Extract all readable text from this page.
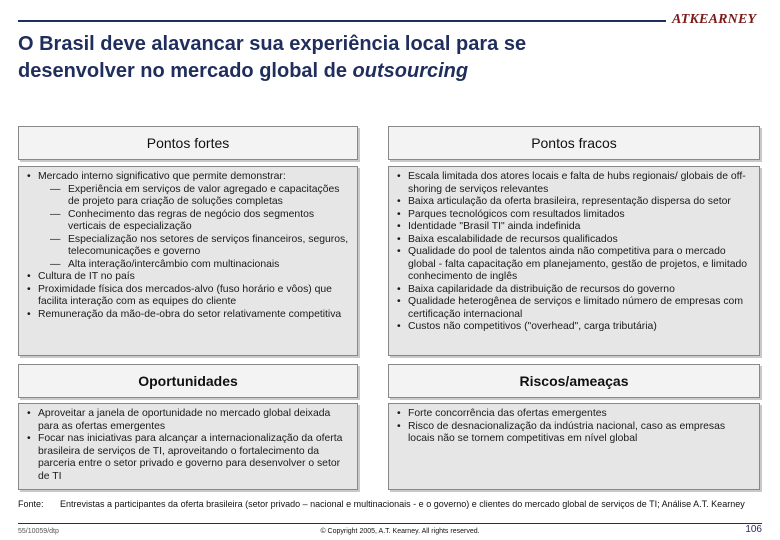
ATKEARNEY
O Brasil deve alavancar sua experiência local para se
desenvolver no mercado global de outsourcing
Pontos fortes
• Mercado interno significativo que permite demonstrar:
— Experiência em serviços de valor agregado e capacitações de projeto para criação de soluções completas
— Conhecimento das regras de negócio dos segmentos verticais de especialização
— Especialização nos setores de serviços financeiros, seguros, telecomunicações e governo
— Alta interação/intercâmbio com multinacionais
• Cultura de IT no país
• Proximidade física dos mercados-alvo (fuso horário e vôos) que facilita interação com as equipes do cliente
• Remuneração da mão-de-obra do setor relativamente competitiva
Pontos fracos
• Escala limitada dos atores locais e falta de hubs regionais/ globais de off-shoring de serviços relevantes
• Baixa articulação da oferta brasileira, representação dispersa do setor
• Parques tecnológicos com resultados limitados
• Identidade "Brasil TI" ainda indefinida
• Baixa escalabilidade de recursos qualificados
• Qualidade do pool de talentos ainda não competitiva para o mercado global - falta capacitação em planejamento, gestão de projetos, e limitado conhecimento de inglês
• Baixa capilaridade da distribuição de recursos do governo
• Qualidade heterogênea de serviços e limitado número de empresas com certificação internacional
• Custos não competitivos ("overhead", carga tributária)
Oportunidades
• Aproveitar a janela de oportunidade no mercado global deixada para as ofertas emergentes
• Focar nas iniciativas para alcançar a internacionalização da oferta brasileira de serviços de TI, aproveitando o fortalecimento da parceria entre o setor privado e governo para desenvolver o setor de TI
Riscos/ameaças
• Forte concorrência das ofertas emergentes
• Risco de desnacionalização da indústria nacional, caso as empresas locais não se tornem competitivas em nível global
Fonte:	Entrevistas a participantes da oferta brasileira (setor privado – nacional e multinacionais - e o governo) e clientes do mercado global de serviços de TI; Análise A.T. Kearney
55/10059/dtp	© Copyright 2005, A.T. Kearney. All rights reserved.	106
